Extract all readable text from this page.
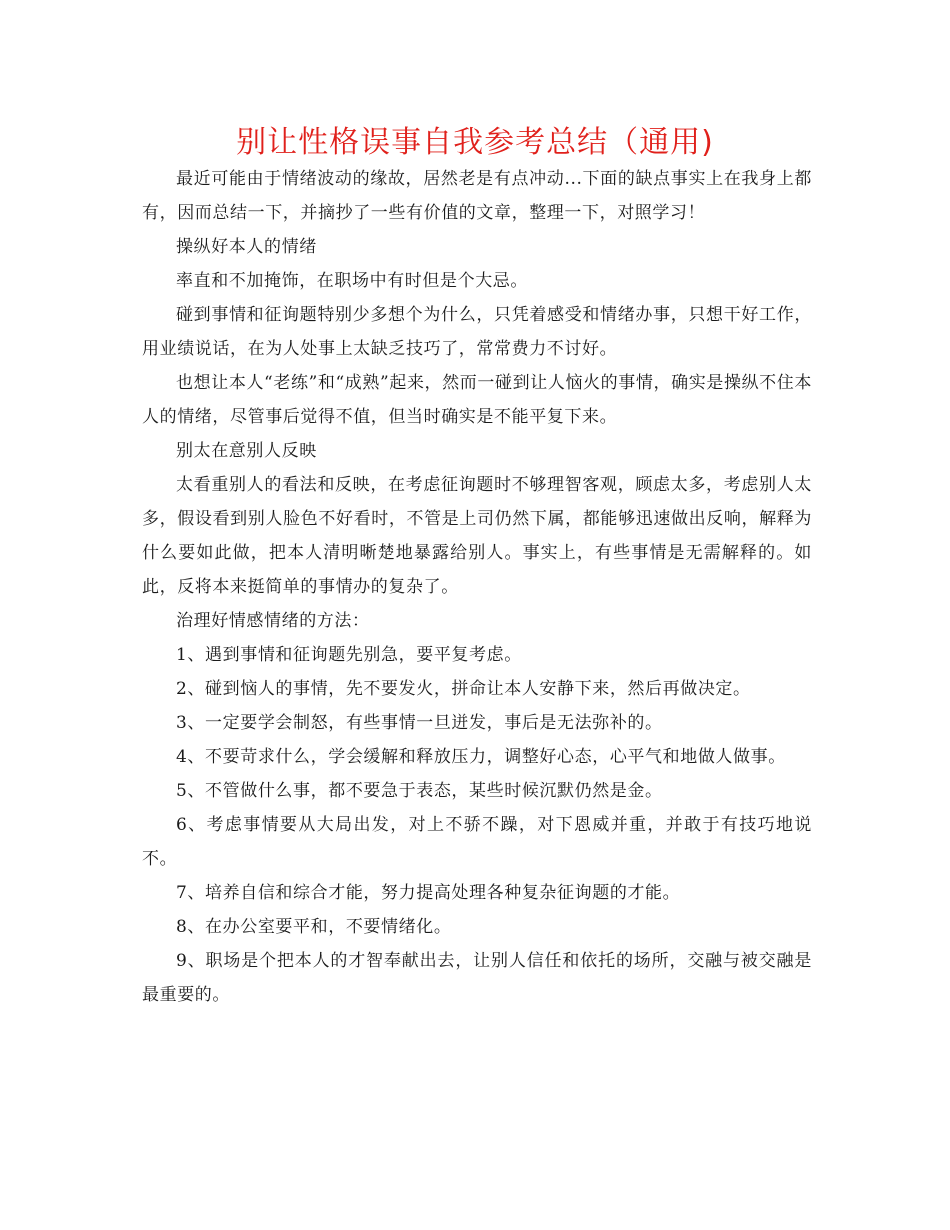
别让性格误事自我参考总结（通用)

最近可能由于情绪波动的缘故，居然老是有点冲动...下面的缺点事实上在我身上都有，因而总结一下，并摘抄了一些有价值的文章，整理一下，对照学习！

操纵好本人的情绪

率直和不加掩饰，在职场中有时但是个大忌。

碰到事情和征询题特别少多想个为什么，只凭着感受和情绪办事，只想干好工作，用业绩说话，在为人处事上太缺乏技巧了，常常费力不讨好。

也想让本人“老练”和“成熟”起来，然而一碰到让人恼火的事情，确实是操纵不住本人的情绪，尽管事后觉得不值，但当时确实是不能平复下来。

别太在意别人反映

太看重别人的看法和反映，在考虑征询题时不够理智客观，顾虑太多，考虑别人太多，假设看到别人脸色不好看时，不管是上司仍然下属，都能够迅速做出反响，解释为什么要如此做，把本人清明晰楚地暴露给别人。事实上，有些事情是无需解释的。如此，反将本来挺简单的事情办的复杂了。

治理好情感情绪的方法：

1、遇到事情和征询题先别急，要平复考虑。

2、碰到恼人的事情，先不要发火，拼命让本人安静下来，然后再做决定。

3、一定要学会制怒，有些事情一旦迸发，事后是无法弥补的。

4、不要苛求什么，学会缓解和释放压力，调整好心态，心平气和地做人做事。

5、不管做什么事，都不要急于表态，某些时候沉默仍然是金。

6、考虑事情要从大局出发，对上不骄不躁，对下恩威并重，并敢于有技巧地说不。

7、培养自信和综合才能，努力提高处理各种复杂征询题的才能。

8、在办公室要平和，不要情绪化。

9、职场是个把本人的才智奉献出去，让别人信任和依托的场所，交融与被交融是最重要的。
